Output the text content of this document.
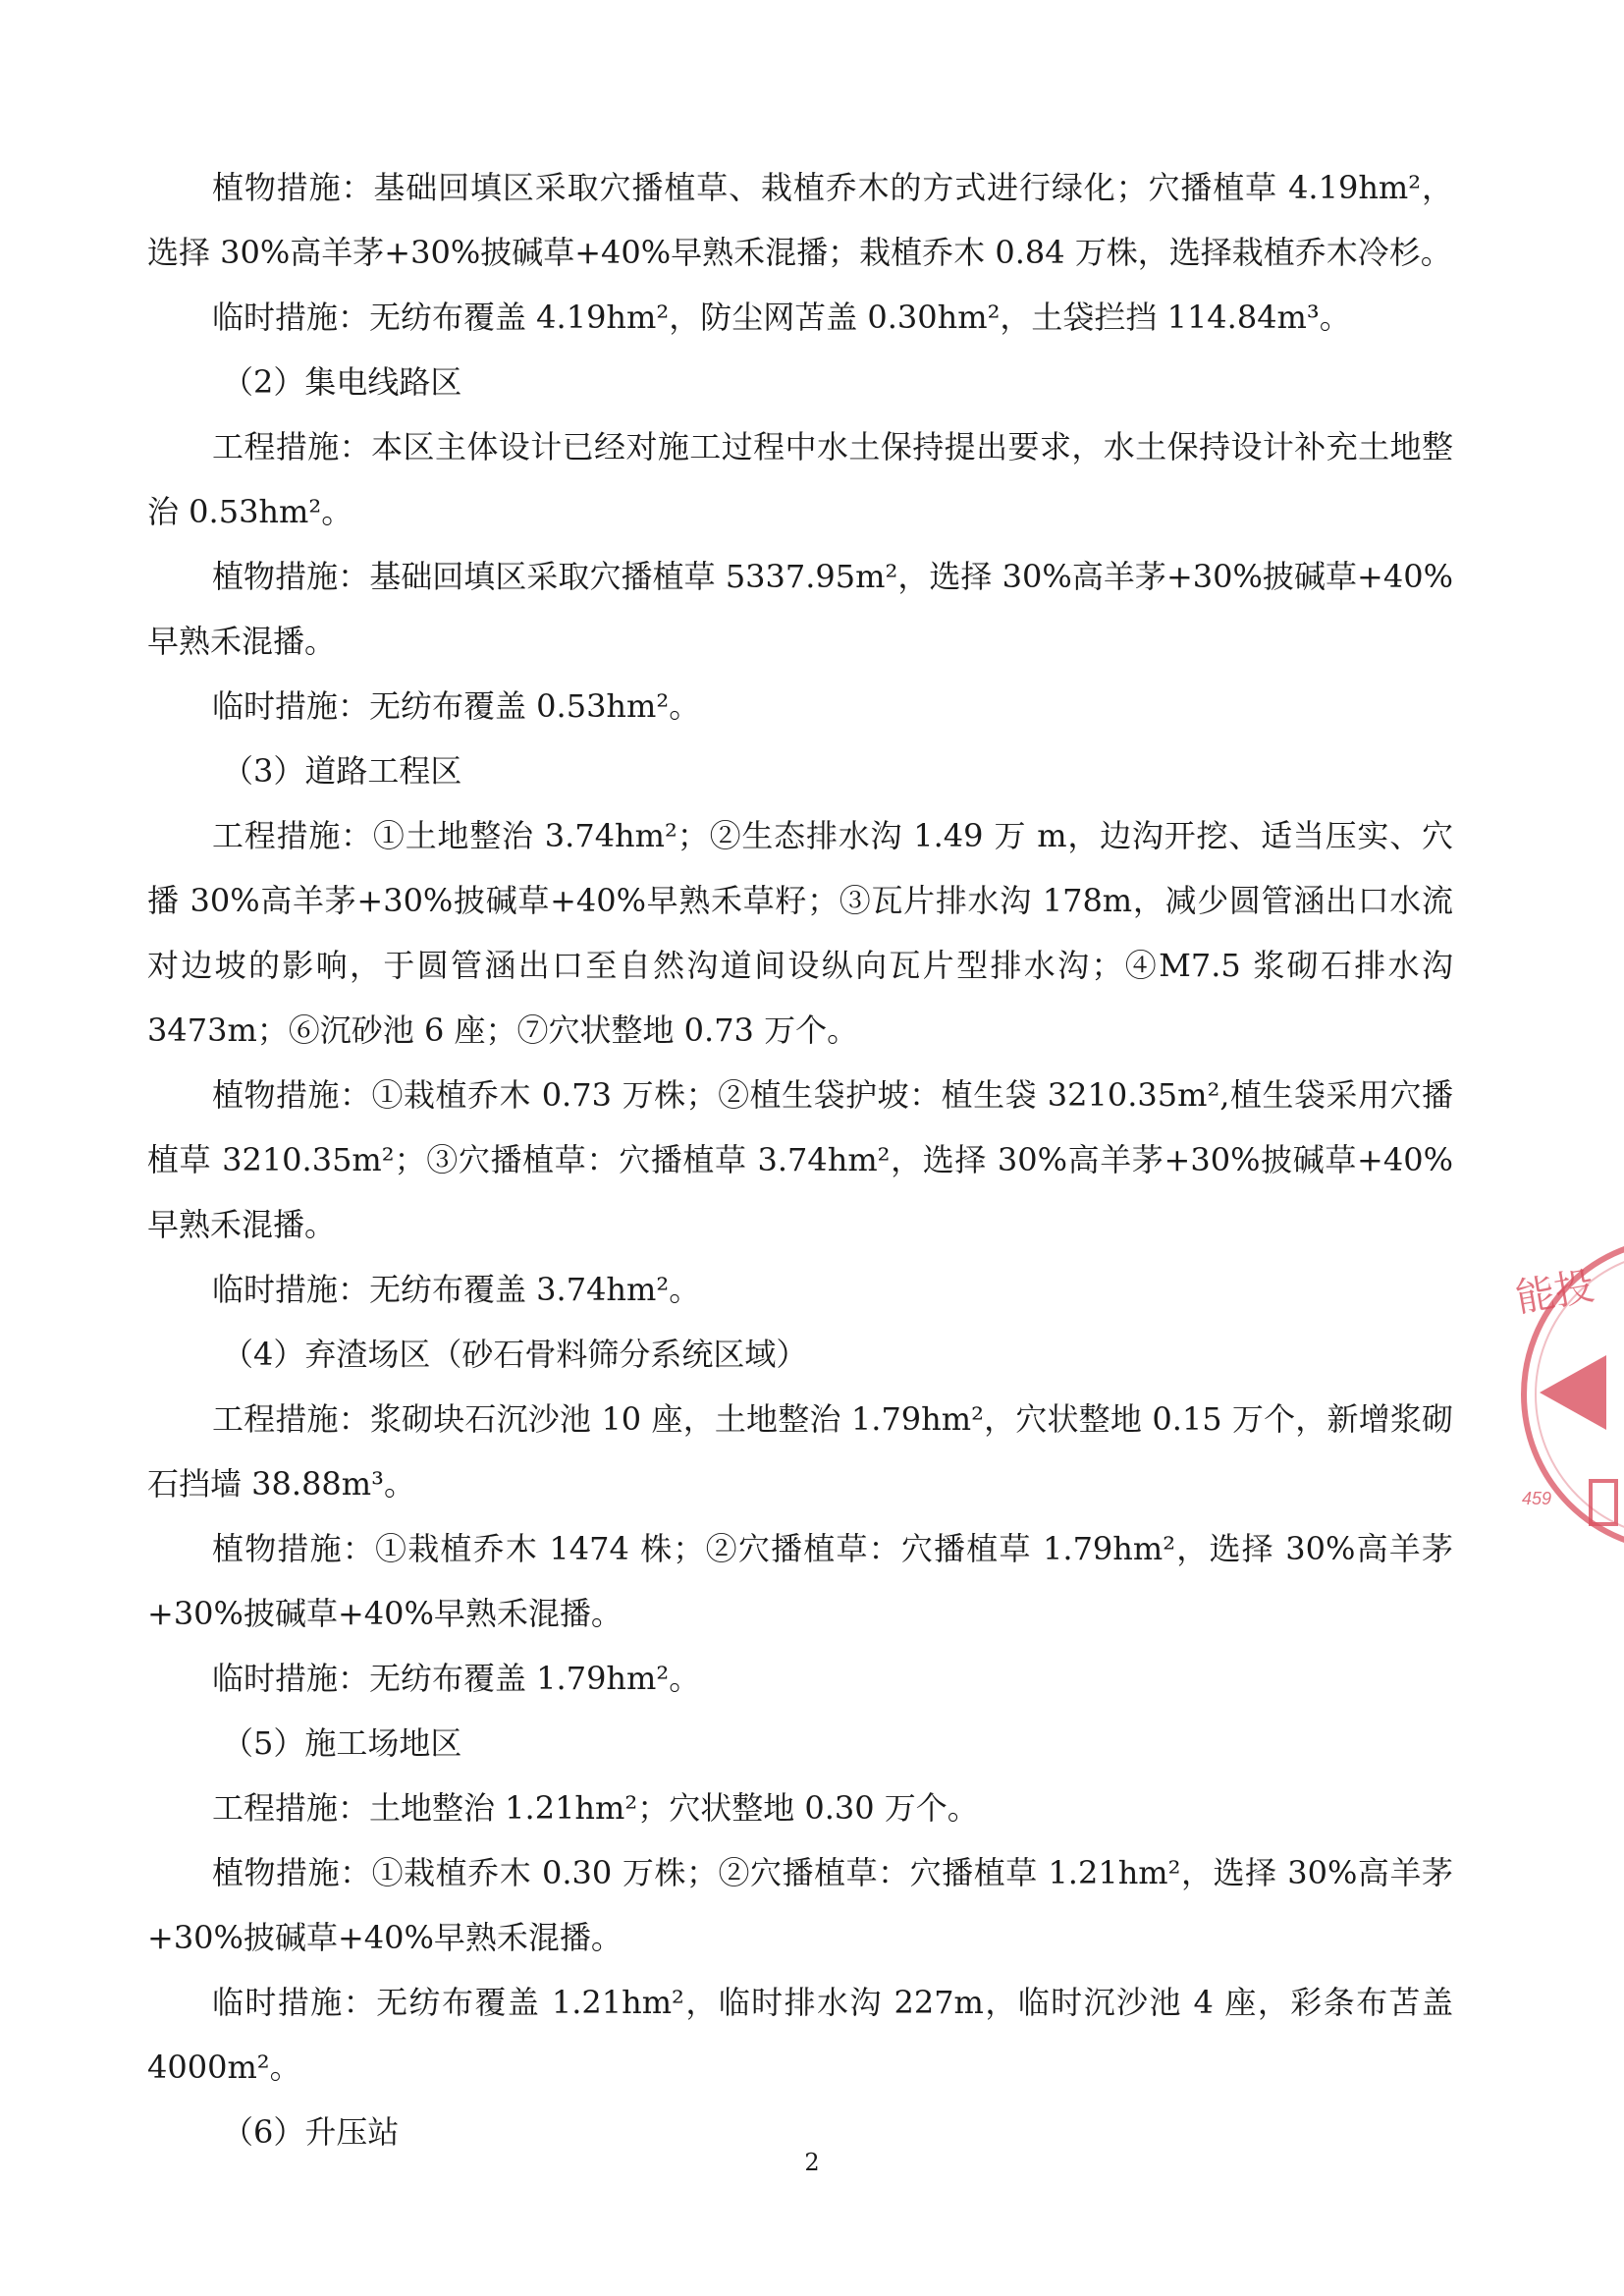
植物措施：基础回填区采取穴播植草、栽植乔木的方式进行绿化；穴播植草 4.19hm²，选择 30%高羊茅+30%披碱草+40%早熟禾混播；栽植乔木 0.84 万株，选择栽植乔木冷杉。

临时措施：无纺布覆盖 4.19hm²，防尘网苫盖 0.30hm²，土袋拦挡 114.84m³。

（2）集电线路区

工程措施：本区主体设计已经对施工过程中水土保持提出要求，水土保持设计补充土地整治 0.53hm²。

植物措施：基础回填区采取穴播植草 5337.95m²，选择 30%高羊茅+30%披碱草+40%早熟禾混播。

临时措施：无纺布覆盖 0.53hm²。

（3）道路工程区

工程措施：①土地整治 3.74hm²；②生态排水沟 1.49 万 m，边沟开挖、适当压实、穴播 30%高羊茅+30%披碱草+40%早熟禾草籽；③瓦片排水沟 178m，减少圆管涵出口水流对边坡的影响，于圆管涵出口至自然沟道间设纵向瓦片型排水沟；④M7.5 浆砌石排水沟 3473m；⑥沉砂池 6 座；⑦穴状整地 0.73 万个。

植物措施：①栽植乔木 0.73 万株；②植生袋护坡：植生袋 3210.35m²,植生袋采用穴播植草 3210.35m²；③穴播植草：穴播植草 3.74hm²，选择 30%高羊茅+30%披碱草+40%早熟禾混播。

临时措施：无纺布覆盖 3.74hm²。

（4）弃渣场区（砂石骨料筛分系统区域）

工程措施：浆砌块石沉沙池 10 座，土地整治 1.79hm²，穴状整地 0.15 万个，新增浆砌石挡墙 38.88m³。

植物措施：①栽植乔木 1474 株；②穴播植草：穴播植草 1.79hm²，选择 30%高羊茅+30%披碱草+40%早熟禾混播。

临时措施：无纺布覆盖 1.79hm²。

（5）施工场地区

工程措施：土地整治 1.21hm²；穴状整地 0.30 万个。

植物措施：①栽植乔木 0.30 万株；②穴播植草：穴播植草 1.21hm²，选择 30%高羊茅+30%披碱草+40%早熟禾混播。

临时措施：无纺布覆盖 1.21hm²，临时排水沟 227m，临时沉沙池 4 座，彩条布苫盖 4000m²。

（6）升压站

能投
459
2
